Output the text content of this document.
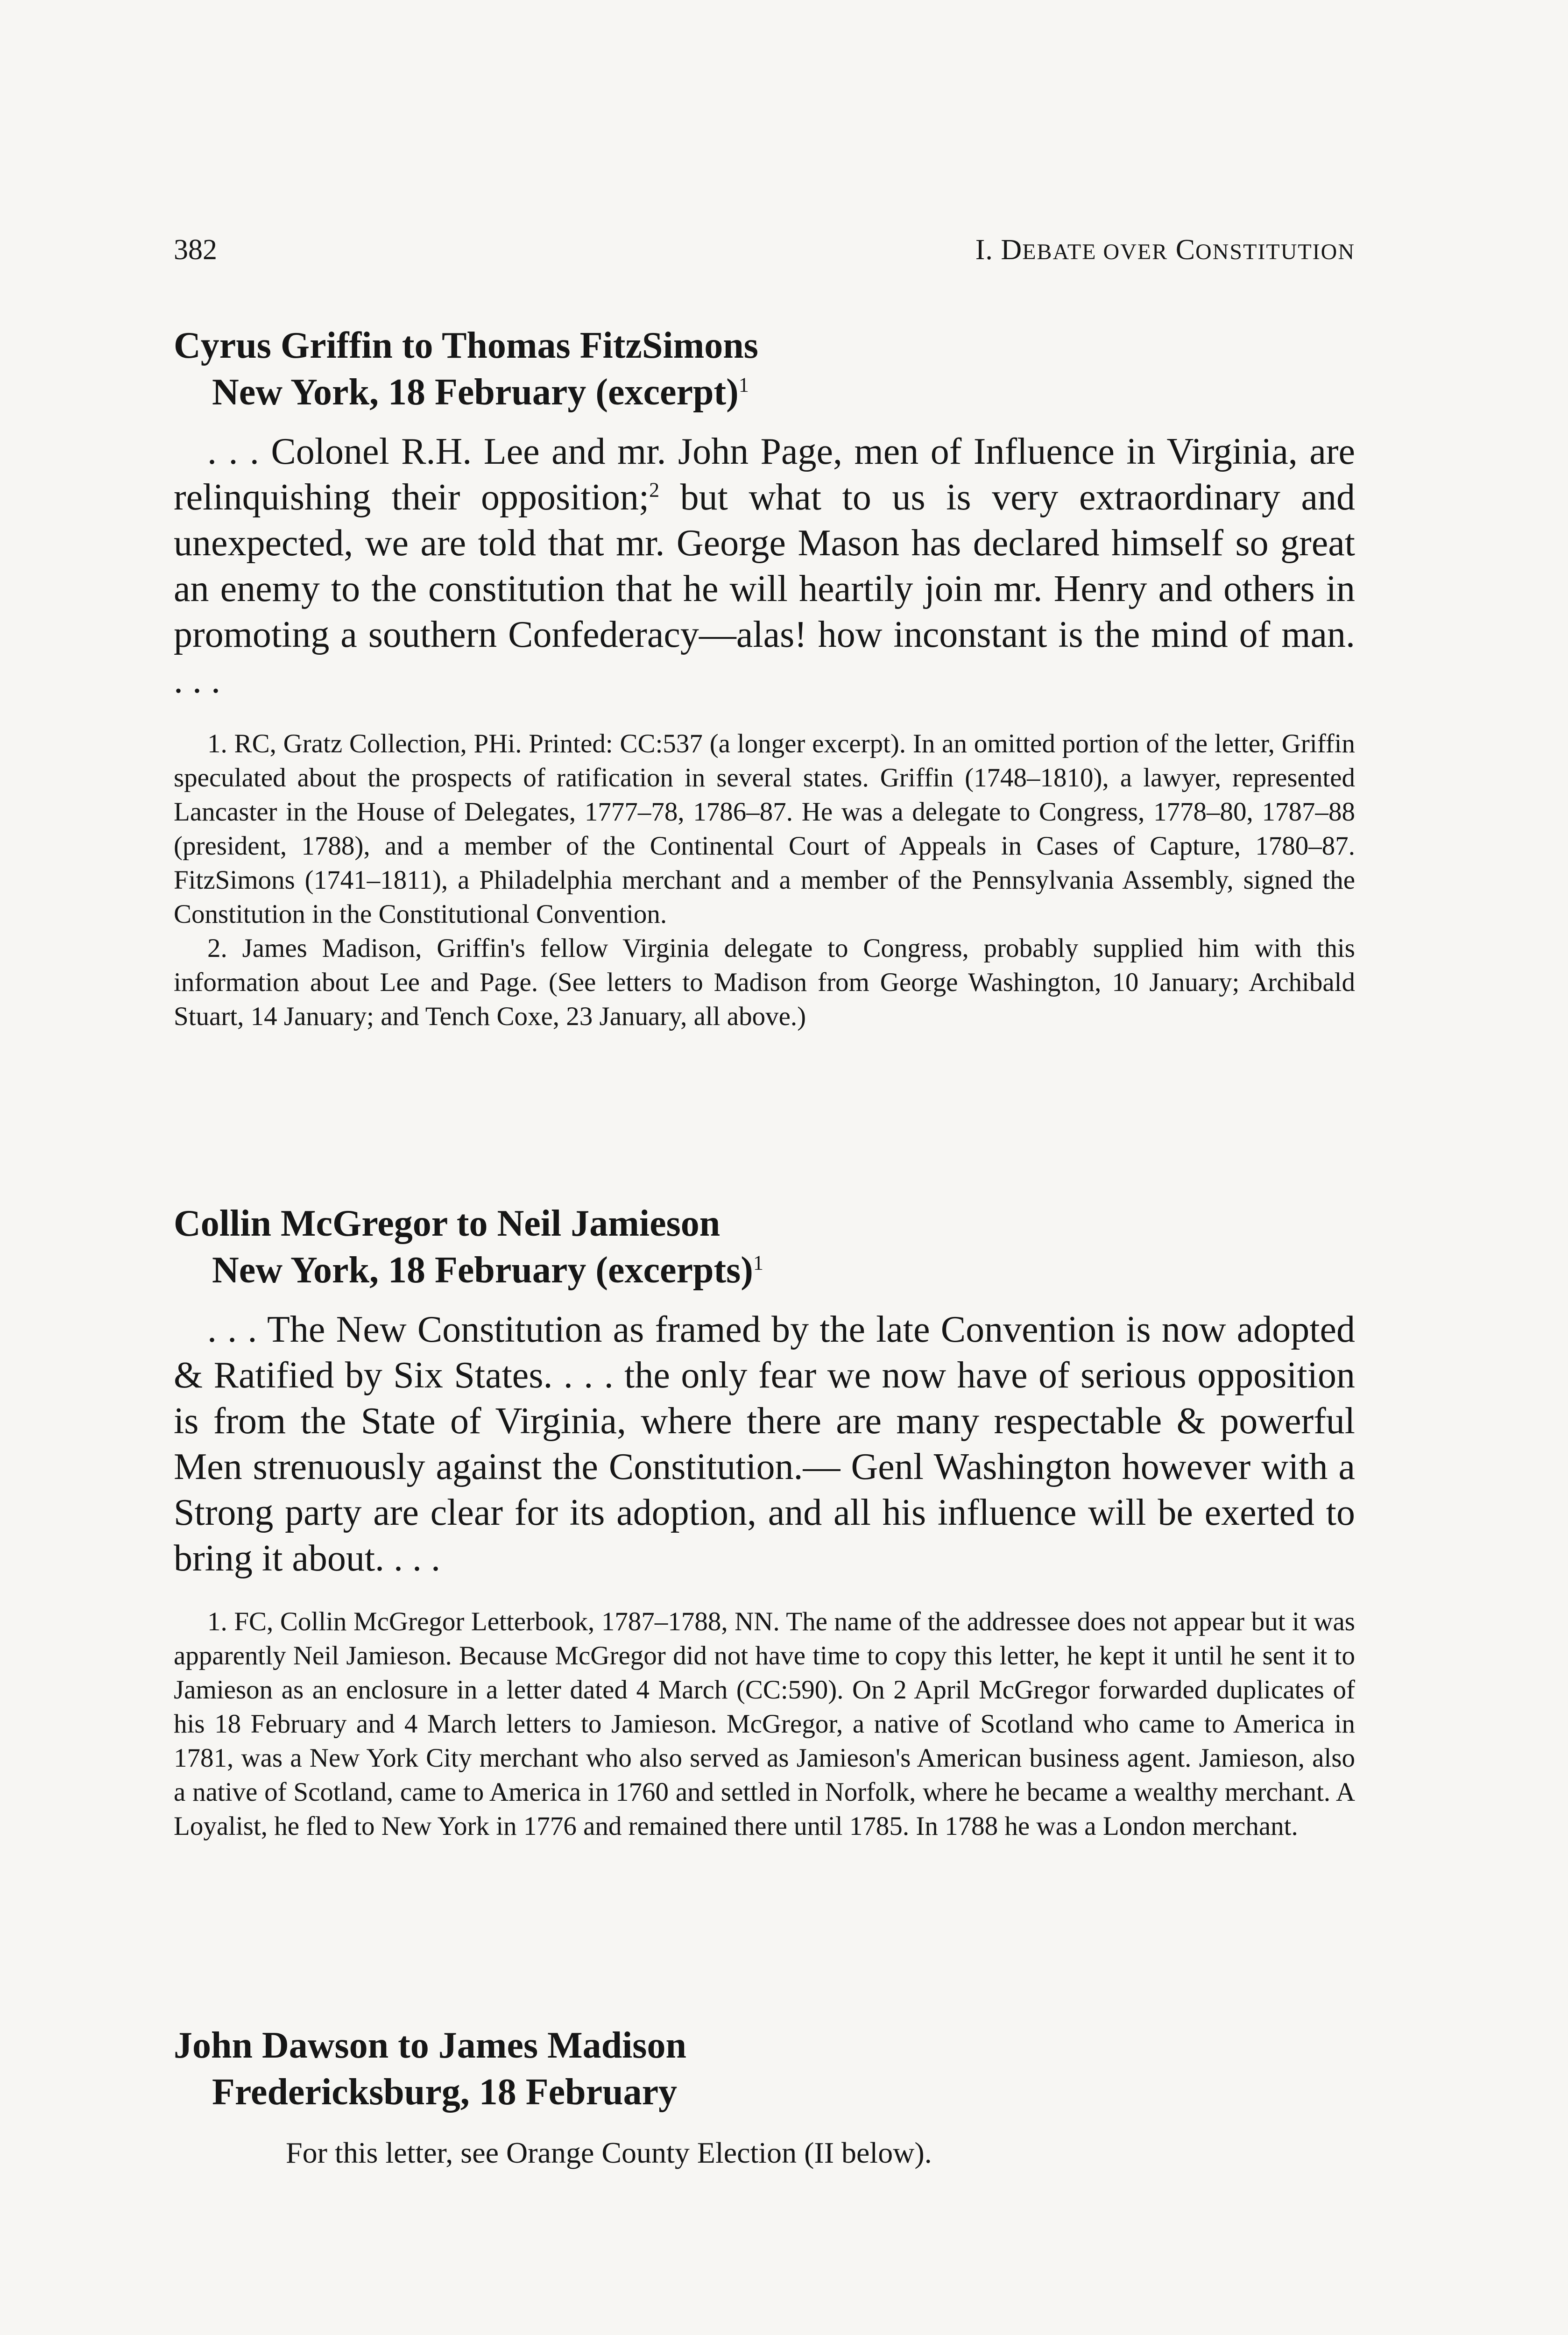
382	I. DEBATE OVER CONSTITUTION
Cyrus Griffin to Thomas FitzSimons
New York, 18 February (excerpt)$^1$

. . . Colonel R.H. Lee and mr. John Page, men of Influence in Virginia, are relinquishing their opposition;$^2$ but what to us is very extraordinary and unexpected, we are told that mr. George Mason has declared himself so great an enemy to the constitution that he will heartily join mr. Henry and others in promoting a southern Confederacy—alas! how inconstant is the mind of man. . . .

1. RC, Gratz Collection, PHi. Printed: CC:537 (a longer excerpt). In an omitted portion of the letter, Griffin speculated about the prospects of ratification in several states. Griffin (1748–1810), a lawyer, represented Lancaster in the House of Delegates, 1777–78, 1786–87. He was a delegate to Congress, 1778–80, 1787–88 (president, 1788), and a member of the Continental Court of Appeals in Cases of Capture, 1780–87. FitzSimons (1741–1811), a Philadelphia merchant and a member of the Pennsylvania Assembly, signed the Constitution in the Constitutional Convention.

2. James Madison, Griffin's fellow Virginia delegate to Congress, probably supplied him with this information about Lee and Page. (See letters to Madison from George Washington, 10 January; Archibald Stuart, 14 January; and Tench Coxe, 23 January, all above.)

Collin McGregor to Neil Jamieson
New York, 18 February (excerpts)$^1$

. . . The New Constitution as framed by the late Convention is now adopted & Ratified by Six States. . . . the only fear we now have of serious opposition is from the State of Virginia, where there are many respectable & powerful Men strenuously against the Constitution.— Genl Washington however with a Strong party are clear for its adoption, and all his influence will be exerted to bring it about. . . .

1. FC, Collin McGregor Letterbook, 1787–1788, NN. The name of the addressee does not appear but it was apparently Neil Jamieson. Because McGregor did not have time to copy this letter, he kept it until he sent it to Jamieson as an enclosure in a letter dated 4 March (CC:590). On 2 April McGregor forwarded duplicates of his 18 February and 4 March letters to Jamieson. McGregor, a native of Scotland who came to America in 1781, was a New York City merchant who also served as Jamieson's American business agent. Jamieson, also a native of Scotland, came to America in 1760 and settled in Norfolk, where he became a wealthy merchant. A Loyalist, he fled to New York in 1776 and remained there until 1785. In 1788 he was a London merchant.

John Dawson to James Madison
Fredericksburg, 18 February
For this letter, see Orange County Election (II below).
